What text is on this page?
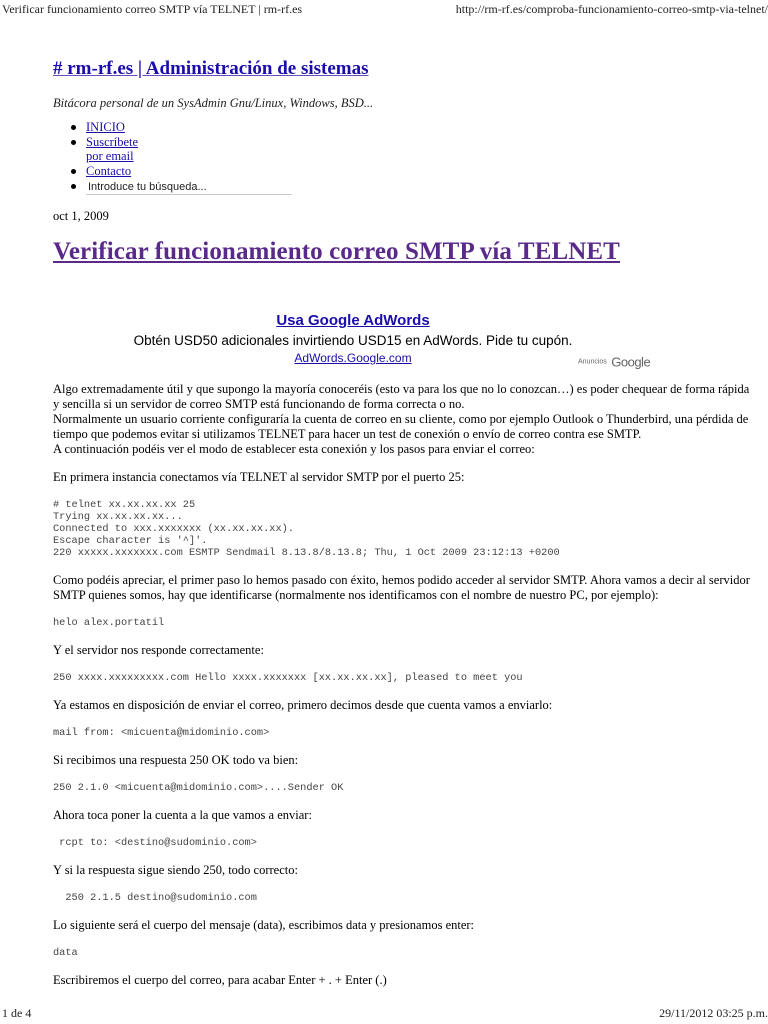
Verificar funcionamiento correo SMTP vía TELNET | rm-rf.es	http://rm-rf.es/comproba-funcionamiento-correo-smtp-via-telnet/
# rm-rf.es | Administración de sistemas
Bitácora personal de un SysAdmin Gnu/Linux, Windows, BSD...
INICIO
Suscríbete
por email
Contacto
Introduce tu búsqueda...
oct 1, 2009
Verificar funcionamiento correo SMTP vía TELNET
Usa Google AdWords
Obtén USD50 adicionales invirtiendo USD15 en AdWords. Pide tu cupón.
AdWords.Google.com	Anuncios Google

Algo extremadamente útil y que supongo la mayoría conoceréis (esto va para los que no lo conozcan…) es poder chequear de forma rápida y sencilla si un servidor de correo SMTP está funcionando de forma correcta o no.

Normalmente un usuario corriente configuraría la cuenta de correo en su cliente, como por ejemplo Outlook o Thunderbird, una pérdida de tiempo que podemos evitar si utilizamos TELNET para hacer un test de conexión o envío de correo contra ese SMTP.

A continuación podéis ver el modo de establecer esta conexión y los pasos para enviar el correo:

En primera instancia conectamos vía TELNET al servidor SMTP por el puerto 25:

# telnet xx.xx.xx.xx 25
Trying xx.xx.xx.xx...
Connected to xxx.xxxxxxx (xx.xx.xx.xx).
Escape character is '^]'.
220 xxxxx.xxxxxxx.com ESMTP Sendmail 8.13.8/8.13.8; Thu, 1 Oct 2009 23:12:13 +0200

Como podéis apreciar, el primer paso lo hemos pasado con éxito, hemos podido acceder al servidor SMTP. Ahora vamos a decir al servidor SMTP quienes somos, hay que identificarse (normalmente nos identificamos con el nombre de nuestro PC, por ejemplo):

helo alex.portatil

Y el servidor nos responde correctamente:

250 xxxx.xxxxxxxxx.com Hello xxxx.xxxxxxx [xx.xx.xx.xx], pleased to meet you

Ya estamos en disposición de enviar el correo, primero decimos desde que cuenta vamos a enviarlo:

mail from: <micuenta@midominio.com>

Si recibimos una respuesta 250 OK todo va bien:

250 2.1.0 <micuenta@midominio.com>....Sender OK

Ahora toca poner la cuenta a la que vamos a enviar:

rcpt to: <destino@sudominio.com>

Y si la respuesta sigue siendo 250, todo correcto:

250 2.1.5 destino@sudominio.com

Lo siguiente será el cuerpo del mensaje (data), escribimos data y presionamos enter:

data

Escribiremos el cuerpo del correo, para acabar Enter + . + Enter (.)

1 de 4	29/11/2012 03:25 p.m.
